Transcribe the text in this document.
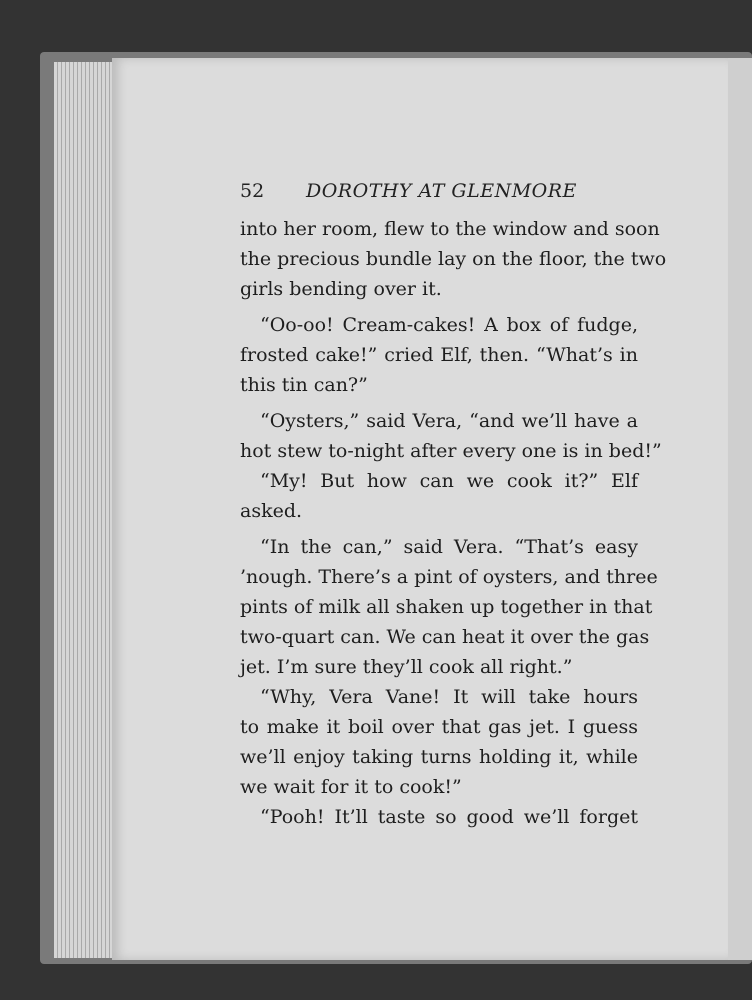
52 DOROTHY AT GLENMORE
into her room, flew to the window and soon
the precious bundle lay on the floor, the two
girls bending over it.
“Oo-oo! Cream-cakes! A box of fudge,
frosted cake!” cried Elf, then. “What’s in
this tin can?”
“Oysters,” said Vera, “and we’ll have a
hot stew to-night after every one is in bed!”
“My! But how can we cook it?” Elf
asked.
“In the can,” said Vera. “That’s easy
’nough. There’s a pint of oysters, and three
pints of milk all shaken up together in that
two-quart can. We can heat it over the gas
jet. I’m sure they’ll cook all right.”
“Why, Vera Vane! It will take hours
to make it boil over that gas jet. I guess
we’ll enjoy taking turns holding it, while
we wait for it to cook!”
“Pooh! It’ll taste so good we’ll forget
